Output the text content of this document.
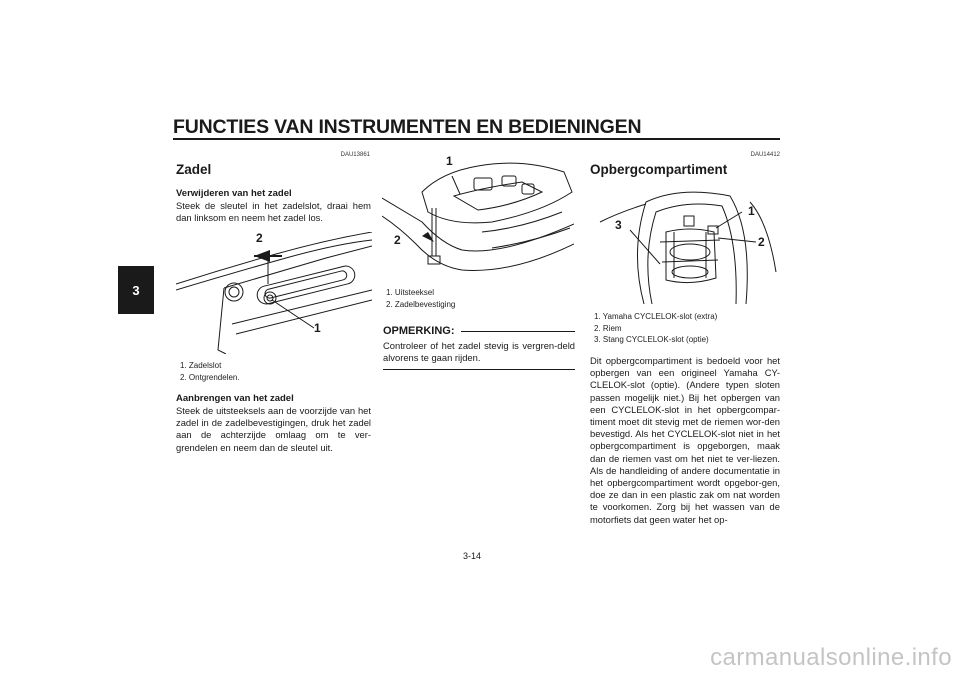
FUNCTIES VAN INSTRUMENTEN EN BEDIENINGEN
3
DAU13861
Zadel
Verwijderen van het zadel
Steek de sleutel in het zadelslot, draai hem dan linksom en neem het zadel los.
2
1
1. Zadelslot
2. Ontgrendelen.
Aanbrengen van het zadel
Steek de uitsteeksels aan de voorzijde van het zadel in de zadelbevestigingen, druk het zadel aan de achterzijde omlaag om te ver-grendelen en neem dan de sleutel uit.
1
2
1. Uitsteeksel
2. Zadelbevestiging
OPMERKING:
Controleer of het zadel stevig is vergren-deld alvorens te gaan rijden.
DAU14412
Opbergcompartiment
1
2
3
1. Yamaha CYCLELOK-slot (extra)
2. Riem
3. Stang CYCLELOK-slot (optie)
Dit opbergcompartiment is bedoeld voor het opbergen van een origineel Yamaha CY-CLELOK-slot (optie). (Andere typen sloten passen mogelijk niet.) Bij het opbergen van een CYCLELOK-slot in het opbergcompar-timent moet dit stevig met de riemen wor-den bevestigd. Als het CYCLELOK-slot niet in het opbergcompartiment is opgeborgen, maak dan de riemen vast om het niet te ver-liezen. Als de handleiding of andere documentatie in het opbergcompartiment wordt opgebor-gen, doe ze dan in een plastic zak om nat worden te voorkomen. Zorg bij het wassen van de motorfiets dat geen water het op-
3-14
carmanualsonline.info
